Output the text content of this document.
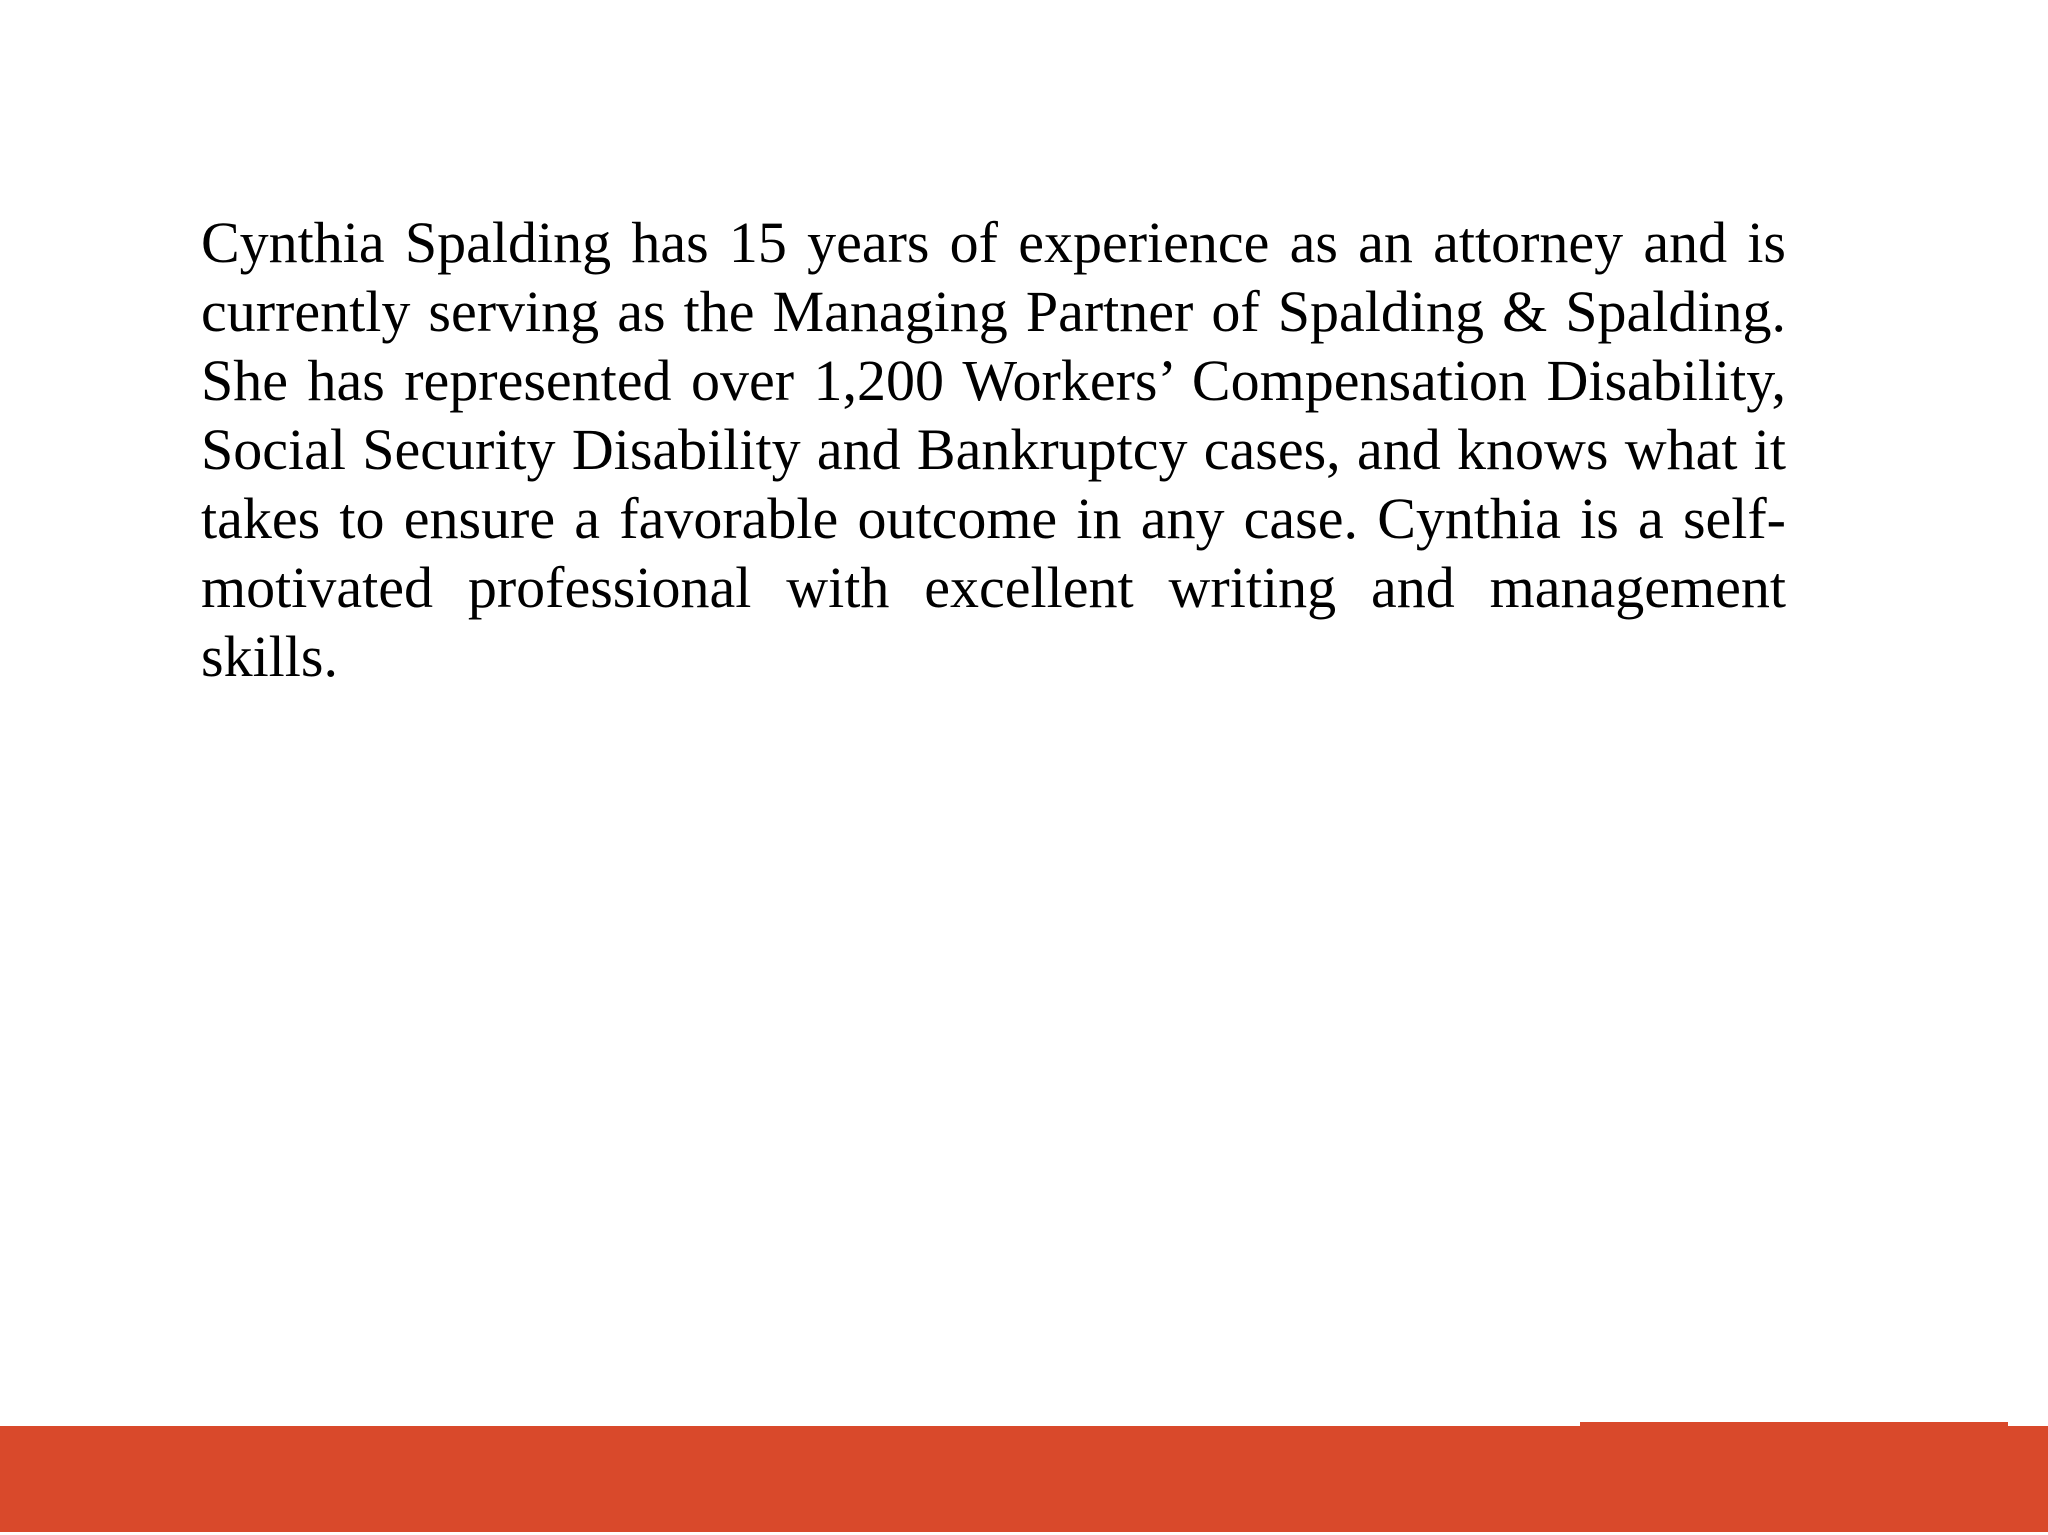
Cynthia Spalding has 15 years of experience as an attorney and is currently serving as the Managing Partner of Spalding & Spalding. She has represented over 1,200 Workers’ Compensation Disability, Social Security Disability and Bankruptcy cases, and knows what it takes to ensure a favorable outcome in any case. Cynthia is a self-motivated professional with excellent writing and management skills.
